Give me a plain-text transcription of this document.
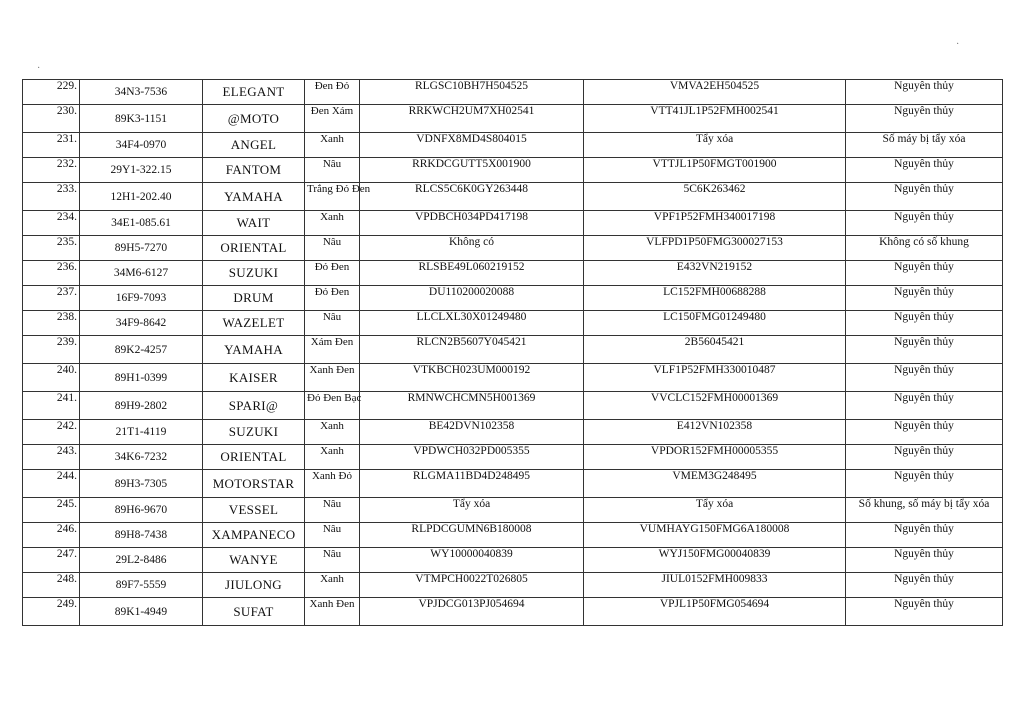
·
·
229.	34N3-7536	ELEGANT	Đen Đỏ	RLGSC10BH7H504525	VMVA2EH504525	Nguyên thủy
230.	89K3-1151	@MOTO	Đen Xám	RRKWCH2UM7XH02541	VTT41JL1P52FMH002541	Nguyên thủy
231.	34F4-0970	ANGEL	Xanh	VDNFX8MD4S804015	Tẩy xóa	Số máy bị tẩy xóa
232.	29Y1-322.15	FANTOM	Nâu	RRKDCGUTT5X001900	VTTJL1P50FMGT001900	Nguyên thủy
233.	12H1-202.40	YAMAHA	Trắng Đỏ Đen	RLCS5C6K0GY263448	5C6K263462	Nguyên thủy
234.	34E1-085.61	WAIT	Xanh	VPDBCH034PD417198	VPF1P52FMH340017198	Nguyên thủy
235.	89H5-7270	ORIENTAL	Nâu	Không có	VLFPD1P50FMG300027153	Không có số khung
236.	34M6-6127	SUZUKI	Đỏ Đen	RLSBE49L060219152	E432VN219152	Nguyên thủy
237.	16F9-7093	DRUM	Đỏ Đen	DU110200020088	LC152FMH00688288	Nguyên thủy
238.	34F9-8642	WAZELET	Nâu	LLCLXL30X01249480	LC150FMG01249480	Nguyên thủy
239.	89K2-4257	YAMAHA	Xám Đen	RLCN2B5607Y045421	2B56045421	Nguyên thủy
240.	89H1-0399	KAISER	Xanh Đen	VTKBCH023UM000192	VLF1P52FMH330010487	Nguyên thủy
241.	89H9-2802	SPARI@	Đỏ Đen Bạc	RMNWCHCMN5H001369	VVCLC152FMH00001369	Nguyên thủy
242.	21T1-4119	SUZUKI	Xanh	BE42DVN102358	E412VN102358	Nguyên thủy
243.	34K6-7232	ORIENTAL	Xanh	VPDWCH032PD005355	VPDOR152FMH00005355	Nguyên thủy
244.	89H3-7305	MOTORSTAR	Xanh Đỏ	RLGMA11BD4D248495	VMEM3G248495	Nguyên thủy
245.	89H6-9670	VESSEL	Nâu	Tẩy xóa	Tẩy xóa	Số khung, số máy bị tẩy xóa
246.	89H8-7438	XAMPANECO	Nâu	RLPDCGUMN6B180008	VUMHAYG150FMG6A180008	Nguyên thủy
247.	29L2-8486	WANYE	Nâu	WY10000040839	WYJ150FMG00040839	Nguyên thủy
248.	89F7-5559	JIULONG	Xanh	VTMPCH0022T026805	JIUL0152FMH009833	Nguyên thủy
249.	89K1-4949	SUFAT	Xanh Đen	VPJDCG013PJ054694	VPJL1P50FMG054694	Nguyên thủy
